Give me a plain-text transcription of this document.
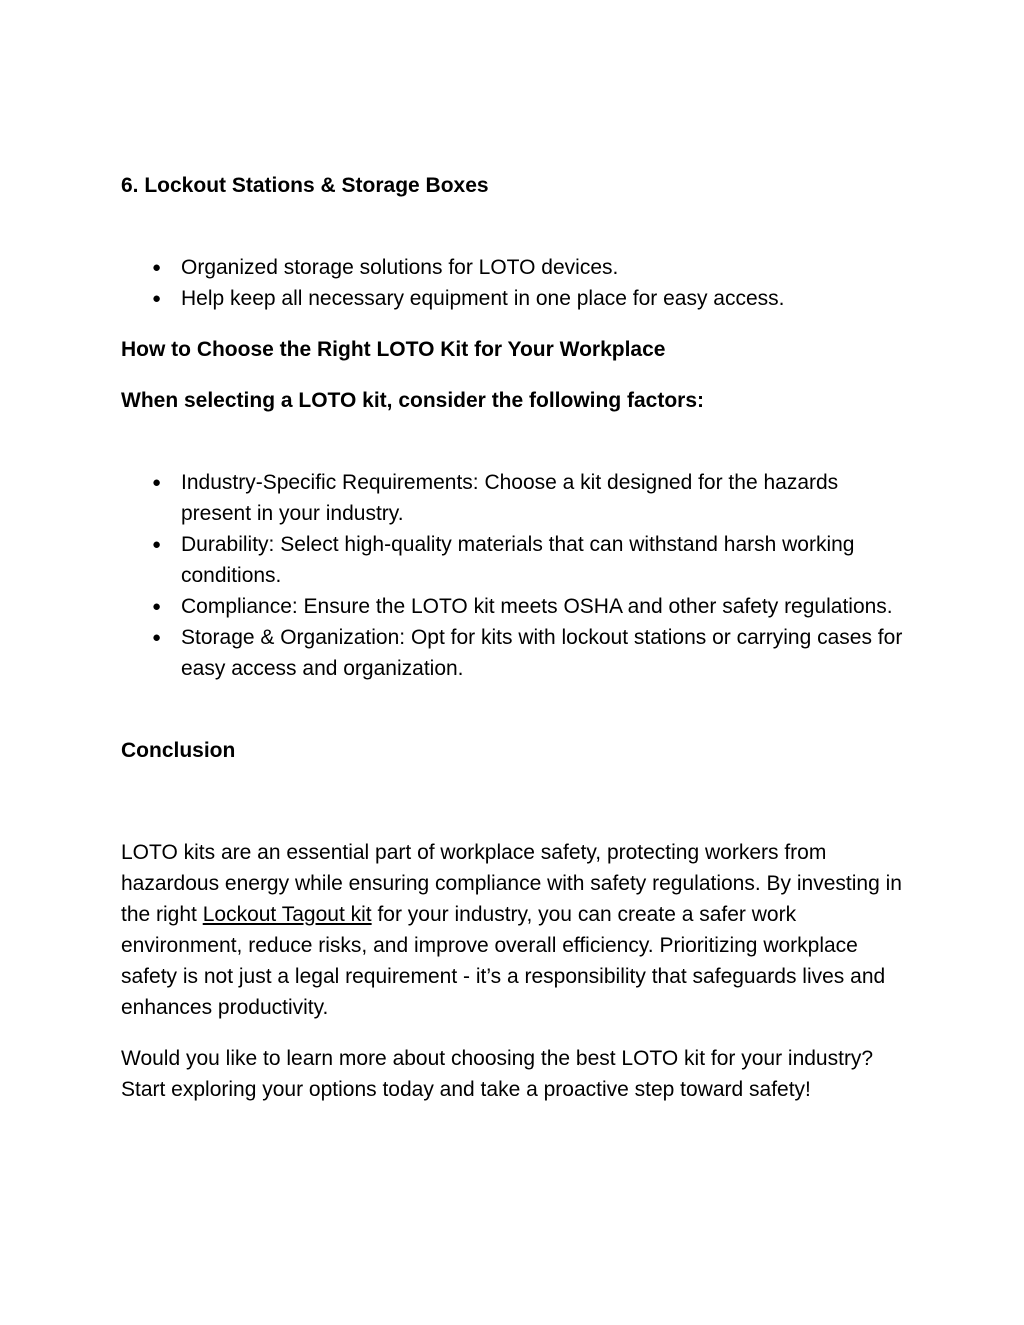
6. Lockout Stations & Storage Boxes
● Organized storage solutions for LOTO devices.
● Help keep all necessary equipment in one place for easy access.
How to Choose the Right LOTO Kit for Your Workplace
When selecting a LOTO kit, consider the following factors:
● Industry-Specific Requirements: Choose a kit designed for the hazards present in your industry.
● Durability: Select high-quality materials that can withstand harsh working conditions.
● Compliance: Ensure the LOTO kit meets OSHA and other safety regulations.
● Storage & Organization: Opt for kits with lockout stations or carrying cases for easy access and organization.
Conclusion

LOTO kits are an essential part of workplace safety, protecting workers from hazardous energy while ensuring compliance with safety regulations. By investing in the right Lockout Tagout kit for your industry, you can create a safer work environment, reduce risks, and improve overall efficiency. Prioritizing workplace safety is not just a legal requirement - it’s a responsibility that safeguards lives and enhances productivity.

Would you like to learn more about choosing the best LOTO kit for your industry? Start exploring your options today and take a proactive step toward safety!
